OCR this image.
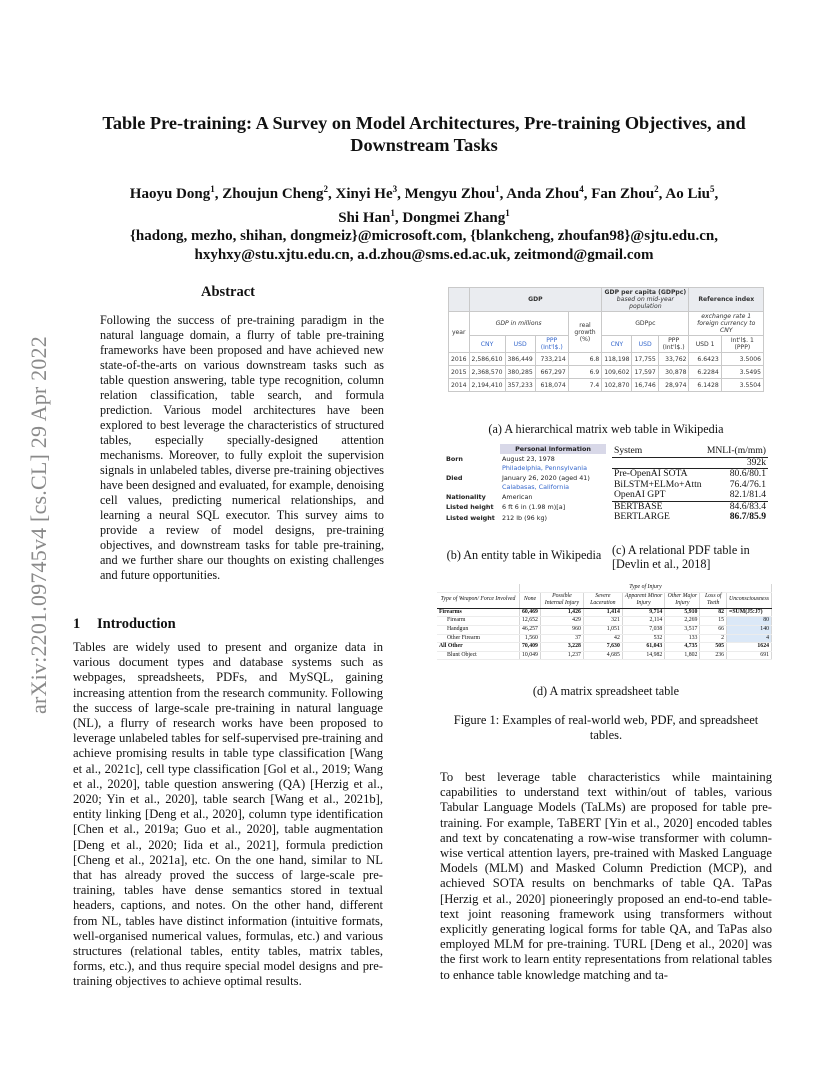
arXiv:2201.09745v4 [cs.CL] 29 Apr 2022
Table Pre-training: A Survey on Model Architectures, Pre-training Objectives, and Downstream Tasks
Haoyu Dong$^1$, Zhoujun Cheng$^2$, Xinyi He$^3$, Mengyu Zhou$^1$, Anda Zhou$^4$, Fan Zhou$^2$, Ao Liu$^5$,
Shi Han$^1$, Dongmei Zhang$^1$
{hadong, mezho, shihan, dongmeiz}@microsoft.com, {blankcheng, zhoufan98}@sjtu.edu.cn,
hxyhxy@stu.xjtu.edu.cn, a.d.zhou@sms.ed.ac.uk, zeitmond@gmail.com
Abstract
Following the success of pre-training paradigm in the natural language domain, a flurry of table pre-training frameworks have been proposed and have achieved new state-of-the-arts on various downstream tasks such as table question answering, table type recognition, column relation classification, table search, and formula prediction. Various model architectures have been explored to best leverage the characteristics of structured tables, especially specially-designed attention mechanisms. Moreover, to fully exploit the supervision signals in unlabeled tables, diverse pre-training objectives have been designed and evaluated, for example, denoising cell values, predicting numerical relationships, and learning a neural SQL executor. This survey aims to provide a review of model designs, pre-training objectives, and downstream tasks for table pre-training, and we further share our thoughts on existing challenges and future opportunities.
1 Introduction
Tables are widely used to present and organize data in various document types and database systems such as webpages, spreadsheets, PDFs, and MySQL, gaining increasing attention from the research community. Following the success of large-scale pre-training in natural language (NL), a flurry of research works have been proposed to leverage unlabeled tables for self-supervised pre-training and achieve promising results in table type classification [Wang et al., 2021c], cell type classification [Gol et al., 2019; Wang et al., 2020], table question answering (QA) [Herzig et al., 2020; Yin et al., 2020], table search [Wang et al., 2021b], entity linking [Deng et al., 2020], column type identification [Chen et al., 2019a; Guo et al., 2020], table augmentation [Deng et al., 2020; Iida et al., 2021], formula prediction [Cheng et al., 2021a], etc. On the one hand, similar to NL that has already proved the success of large-scale pre-training, tables have dense semantics stored in textual headers, captions, and notes. On the other hand, different from NL, tables have distinct information (intuitive formats, well-organised numerical values, formulas, etc.) and various structures (relational tables, entity tables, matrix tables, forms, etc.), and thus require special model designs and pre-training objectives to achieve optimal results.
	GDP				GDP per capita (GDPpc)
based on mid-year population			Reference index	
year	GDP in millions			real growth (%)	GDPpc			exchange rate 1 foreign currency to CNY	
	CNY	USD	PPP (Int'l$.)		CNY	USD	PPP (Int'l$.)	USD 1	Int'l$. 1 (PPP)
2016	2,586,610	386,449	733,214	6.8	118,198	17,755	33,762	6.6423	3.5006
2015	2,368,570	380,285	667,297	6.9	109,602	17,597	30,878	6.2284	3.5495
2014	2,194,410	357,233	618,074	7.4	102,870	16,746	28,974	6.1428	3.5504
(a) A hierarchical matrix web table in Wikipedia
	Personal information
Born	August 23, 1978
Philadelphia, Pennsylvania

Died	January 26, 2020 (aged 41)
Calabasas, California

Nationality	American
Listed height	6 ft 6 in (1.98 m)[a]
Listed weight	212 lb (96 kg)
(b) An entity table in Wikipedia
System	MNLI-(m/mm)
	392k
Pre-OpenAI SOTA	80.6/80.1
BiLSTM+ELMo+Attn	76.4/76.1
OpenAI GPT	82.1/81.4
BERTBASE	84.6/83.4
BERTLARGE	86.7/85.9
(c) A relational PDF table in [Devlin et al., 2018]
	Type of Injury						
Type of Weapon/ Force Involved	None	Possible Internal Injury	Severe Laceration	Apparent Minor Injury	Other Major Injury	Loss of Teeth	Unconsciousness
Firearms	60,469	1,426	1,414	9,714	5,910	82	=SUM(J5:J7)
Firearm	12,652	429	321	2,114	2,269	15	80
Handgun	46,257	960	1,051	7,038	3,517	66	140
Other Firearm	1,560	37	42	532	133	2	4
All Other	70,409	3,228	7,630	61,043	4,735	505	1624
Blunt Object	10,049	1,237	4,685	14,982	1,802	236	691
(d) A matrix spreadsheet table
Figure 1: Examples of real-world web, PDF, and spreadsheet tables.
To best leverage table characteristics while maintaining capabilities to understand text within/out of tables, various Tabular Language Models (TaLMs) are proposed for table pre-training. For example, TaBERT [Yin et al., 2020] encoded tables and text by concatenating a row-wise transformer with column-wise vertical attention layers, pre-trained with Masked Language Models (MLM) and Masked Column Prediction (MCP), and achieved SOTA results on benchmarks of table QA. TaPas [Herzig et al., 2020] pioneeringly proposed an end-to-end table-text joint reasoning framework using transformers without explicitly generating logical forms for table QA, and TaPas also employed MLM for pre-training. TURL [Deng et al., 2020] was the first work to learn entity representations from relational tables to enhance table knowledge matching and ta-
